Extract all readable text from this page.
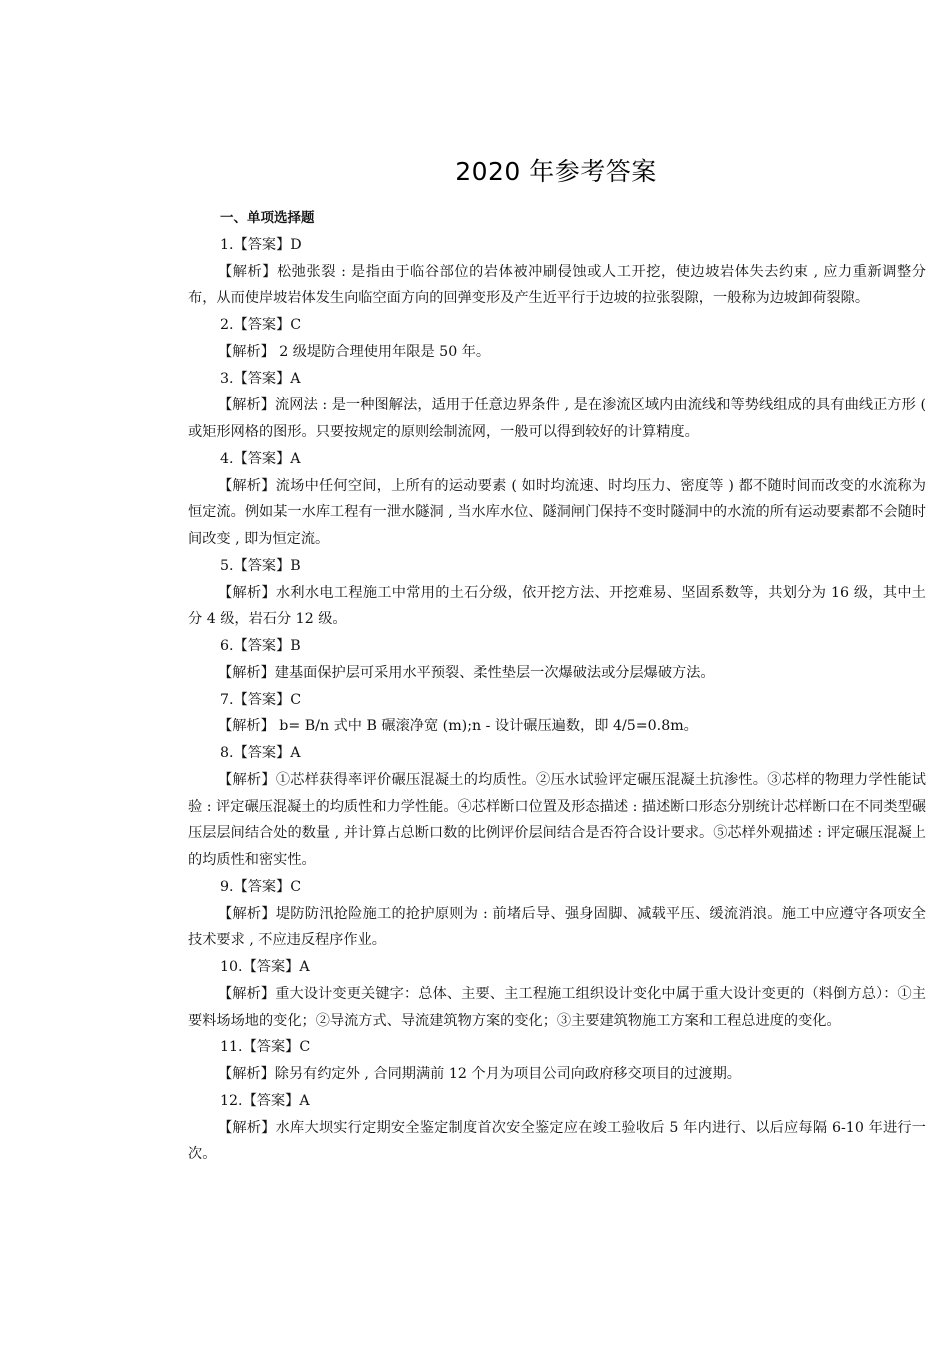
2020 年参考答案
一、单项选择题
1.【答案】D

【解析】松弛张裂 : 是指由于临谷部位的岩体被冲刷侵蚀或人工开挖，使边坡岩体失去约束 , 应力重新调整分布，从而使岸坡岩体发生向临空面方向的回弹变形及产生近平行于边坡的拉张裂隙，一般称为边坡卸荷裂隙。

2.【答案】C

【解析】 2 级堤防合理使用年限是 50 年。

3.【答案】A

【解析】流网法 : 是一种图解法，适用于任意边界条件 , 是在渗流区域内由流线和等势线组成的具有曲线正方形 ( 或矩形网格的图形。只要按规定的原则绘制流网，一般可以得到较好的计算精度。

4.【答案】A

【解析】流场中任何空间，上所有的运动要素 ( 如时均流速、时均压力、密度等 ) 都不随时间而改变的水流称为恒定流。例如某一水库工程有一泄水隧洞 , 当水库水位、隧洞闸门保持不变时隧洞中的水流的所有运动要素都不会随时间改变 , 即为恒定流。

5.【答案】B

【解析】水利水电工程施工中常用的土石分级，依开挖方法、开挖难易、坚固系数等，共划分为 16 级，其中土分 4 级，岩石分 12 级。

6.【答案】B

【解析】建基面保护层可采用水平预裂、柔性垫层一次爆破法或分层爆破方法。

7.【答案】C

【解析】 b= B/n 式中 B 碾滚净宽 (m);n - 设计碾压遍数，即 4/5=0.8m。

8.【答案】A

【解析】①芯样获得率评价碾压混凝土的均质性。②压水试验评定碾压混凝土抗渗性。③芯样的物理力学性能试验 : 评定碾压混凝土的均质性和力学性能。④芯样断口位置及形态描述 : 描述断口形态分别统计芯样断口在不同类型碾压层层间结合处的数量 , 并计算占总断口数的比例评价层间结合是否符合设计要求。⑤芯样外观描述 : 评定碾压混凝上的均质性和密实性。

9.【答案】C

【解析】堤防防汛抢险施工的抢护原则为 : 前堵后导、强身固脚、减载平压、缓流消浪。施工中应遵守各项安全技术要求 , 不应违反程序作业。

10.【答案】A

【解析】重大设计变更关键字：总体、主要、主工程施工组织设计变化中属于重大设计变更的（料倒方总）：①主要料场场地的变化；②导流方式、导流建筑物方案的变化；③主要建筑物施工方案和工程总进度的变化。

11.【答案】C

【解析】除另有约定外 , 合同期满前 12 个月为项目公司向政府移交项目的过渡期。

12.【答案】A

【解析】水库大坝实行定期安全鉴定制度首次安全鉴定应在竣工验收后 5 年内进行、以后应每隔 6-10 年进行一次。
